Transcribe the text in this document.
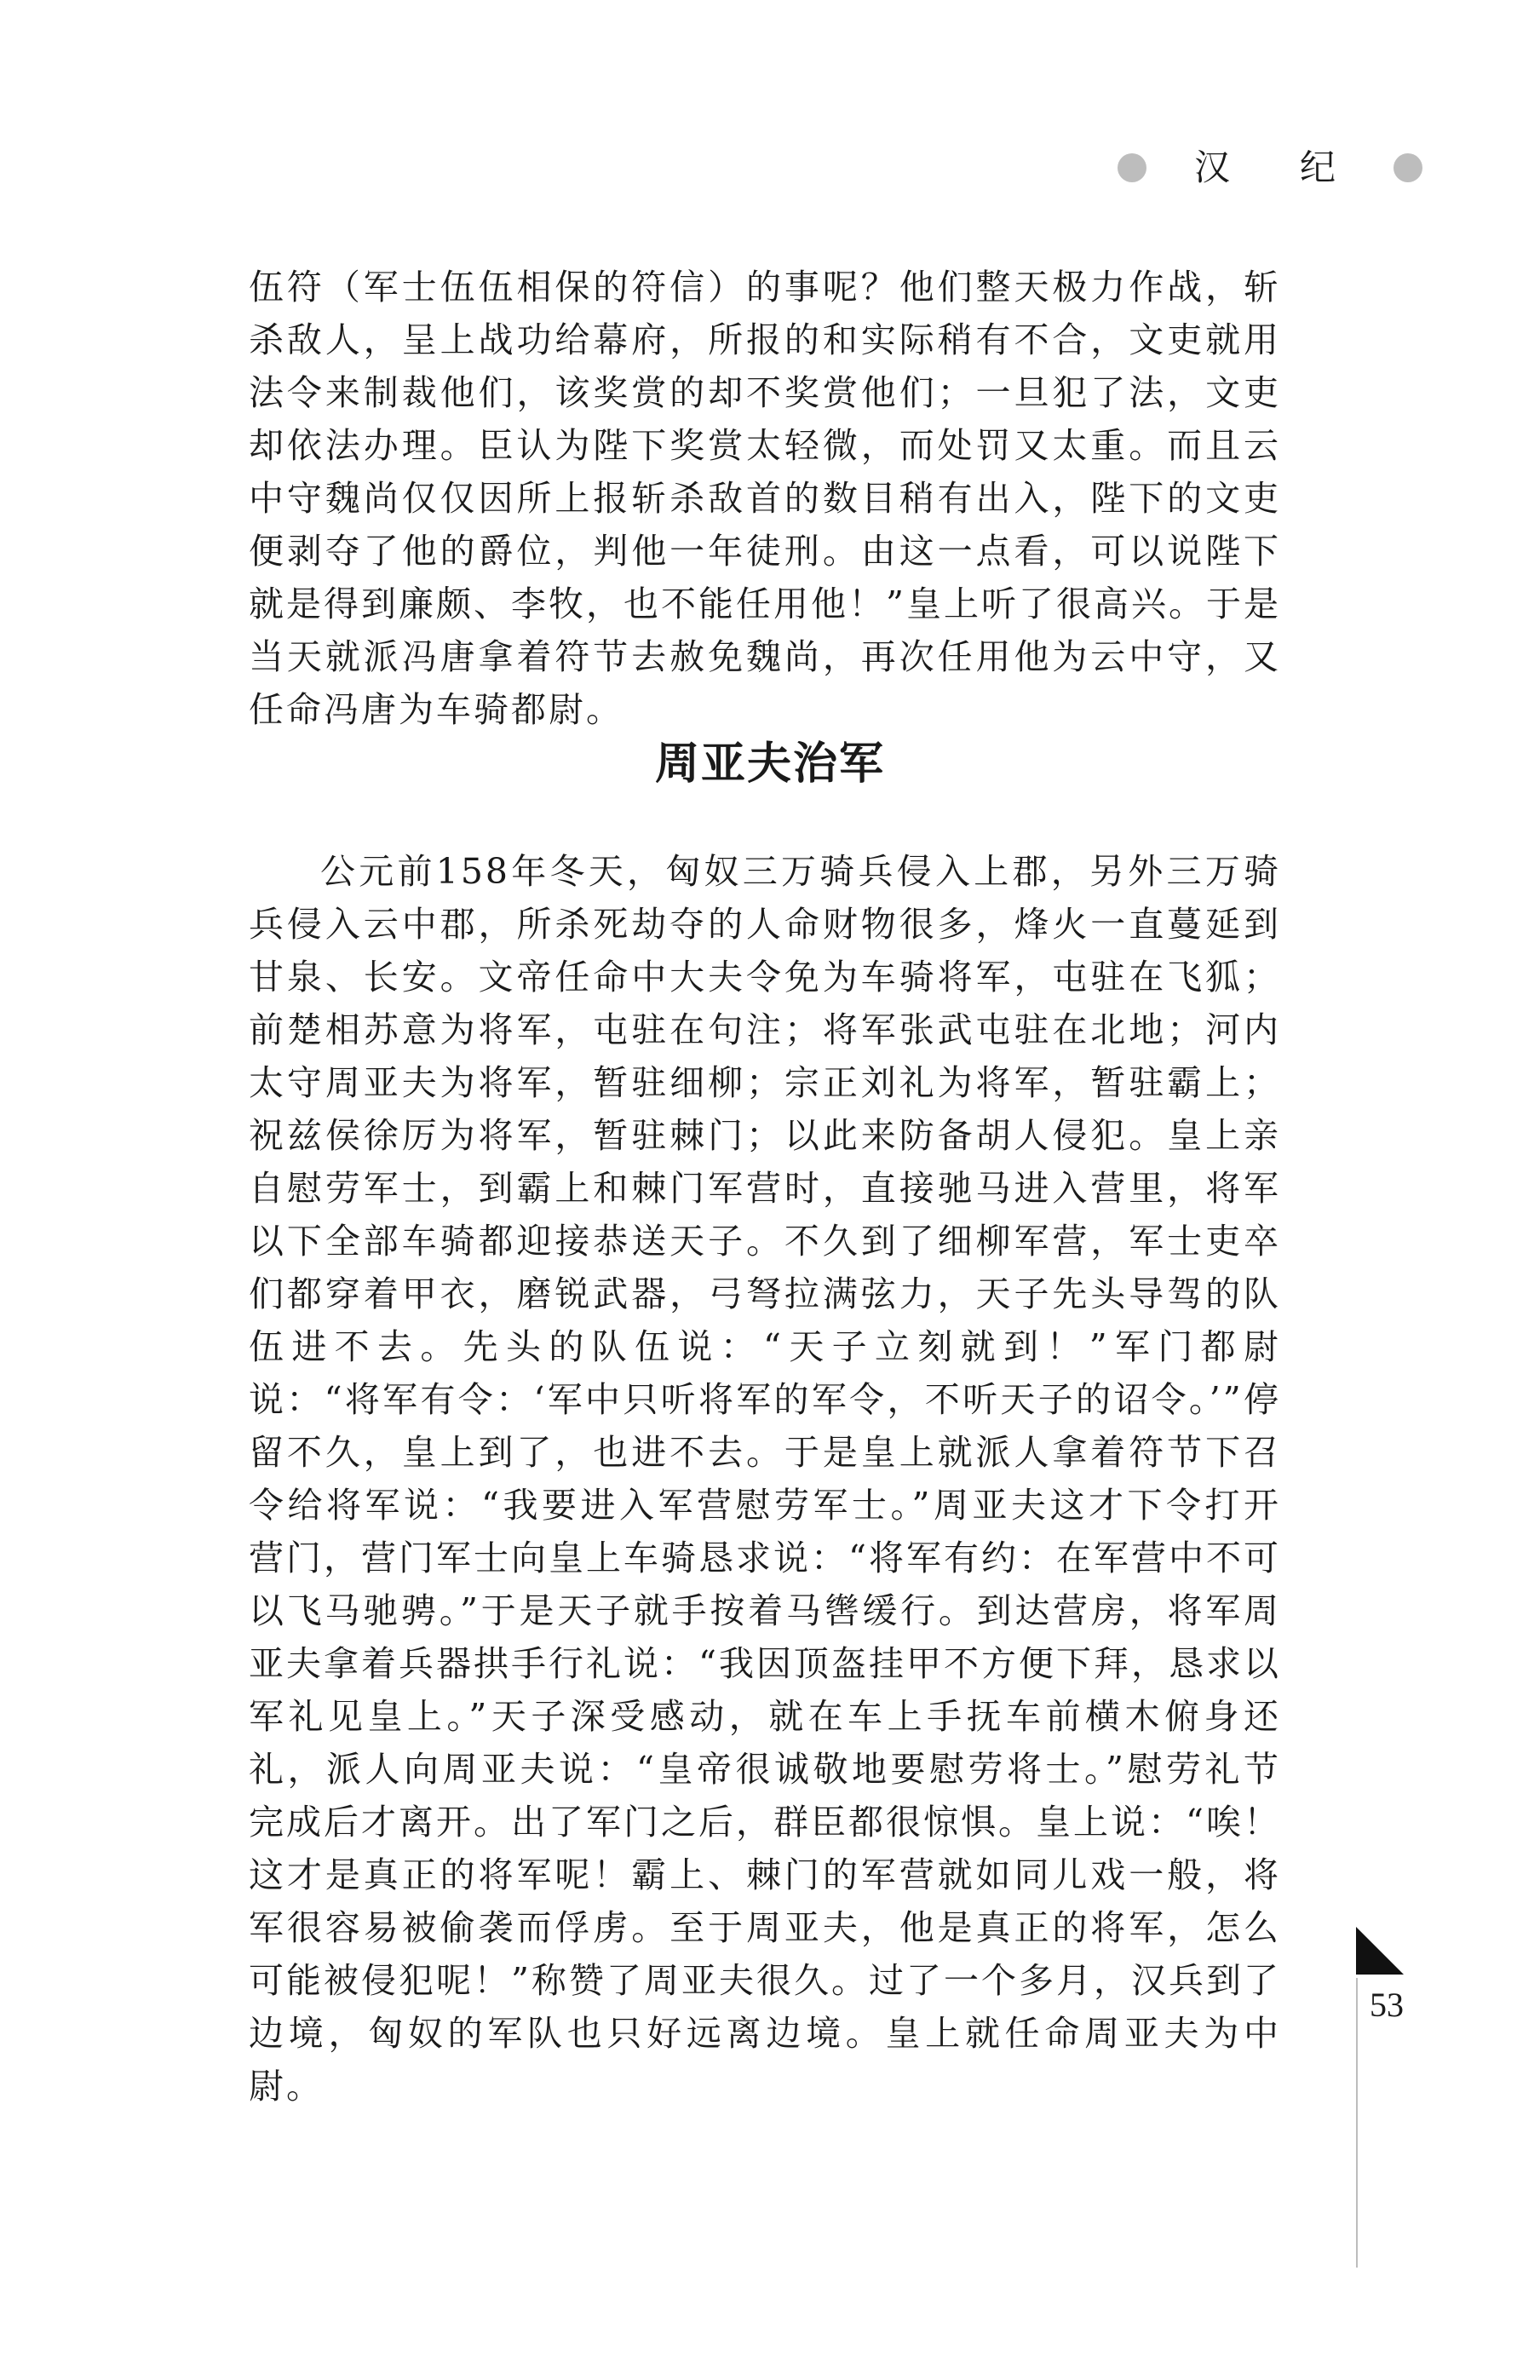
汉 纪

伍符（军士伍伍相保的符信）的事呢？他们整天极力作战，斩杀敌人，呈上战功给幕府，所报的和实际稍有不合，文吏就用法令来制裁他们，该奖赏的却不奖赏他们；一旦犯了法，文吏却依法办理。臣认为陛下奖赏太轻微，而处罚又太重。而且云中守魏尚仅仅因所上报斩杀敌首的数目稍有出入，陛下的文吏便剥夺了他的爵位，判他一年徒刑。由这一点看，可以说陛下就是得到廉颇、李牧，也不能任用他！”皇上听了很高兴。于是当天就派冯唐拿着符节去赦免魏尚，再次任用他为云中守，又任命冯唐为车骑都尉。

周亚夫治军

公元前158年冬天，匈奴三万骑兵侵入上郡，另外三万骑兵侵入云中郡，所杀死劫夺的人命财物很多，烽火一直蔓延到甘泉、长安。文帝任命中大夫令免为车骑将军，屯驻在飞狐；前楚相苏意为将军，屯驻在句注；将军张武屯驻在北地；河内太守周亚夫为将军，暂驻细柳；宗正刘礼为将军，暂驻霸上；祝兹侯徐厉为将军，暂驻棘门；以此来防备胡人侵犯。皇上亲自慰劳军士，到霸上和棘门军营时，直接驰马进入营里，将军以下全部车骑都迎接恭送天子。不久到了细柳军营，军士吏卒们都穿着甲衣，磨锐武器，弓弩拉满弦力，天子先头导驾的队伍进不去。先头的队伍说：“天子立刻就到！”军门都尉说：“将军有令：‘军中只听将军的军令，不听天子的诏令。’”停留不久，皇上到了，也进不去。于是皇上就派人拿着符节下召令给将军说：“我要进入军营慰劳军士。”周亚夫这才下令打开营门，营门军士向皇上车骑恳求说：“将军有约：在军营中不可以飞马驰骋。”于是天子就手按着马辔缓行。到达营房，将军周亚夫拿着兵器拱手行礼说：“我因顶盔挂甲不方便下拜，恳求以军礼见皇上。”天子深受感动，就在车上手抚车前横木俯身还礼，派人向周亚夫说：“皇帝很诚敬地要慰劳将士。”慰劳礼节完成后才离开。出了军门之后，群臣都很惊惧。皇上说：“唉！这才是真正的将军呢！霸上、棘门的军营就如同儿戏一般，将军很容易被偷袭而俘虏。至于周亚夫，他是真正的将军，怎么可能被侵犯呢！”称赞了周亚夫很久。过了一个多月，汉兵到了边境，匈奴的军队也只好远离边境。皇上就任命周亚夫为中尉。

53
